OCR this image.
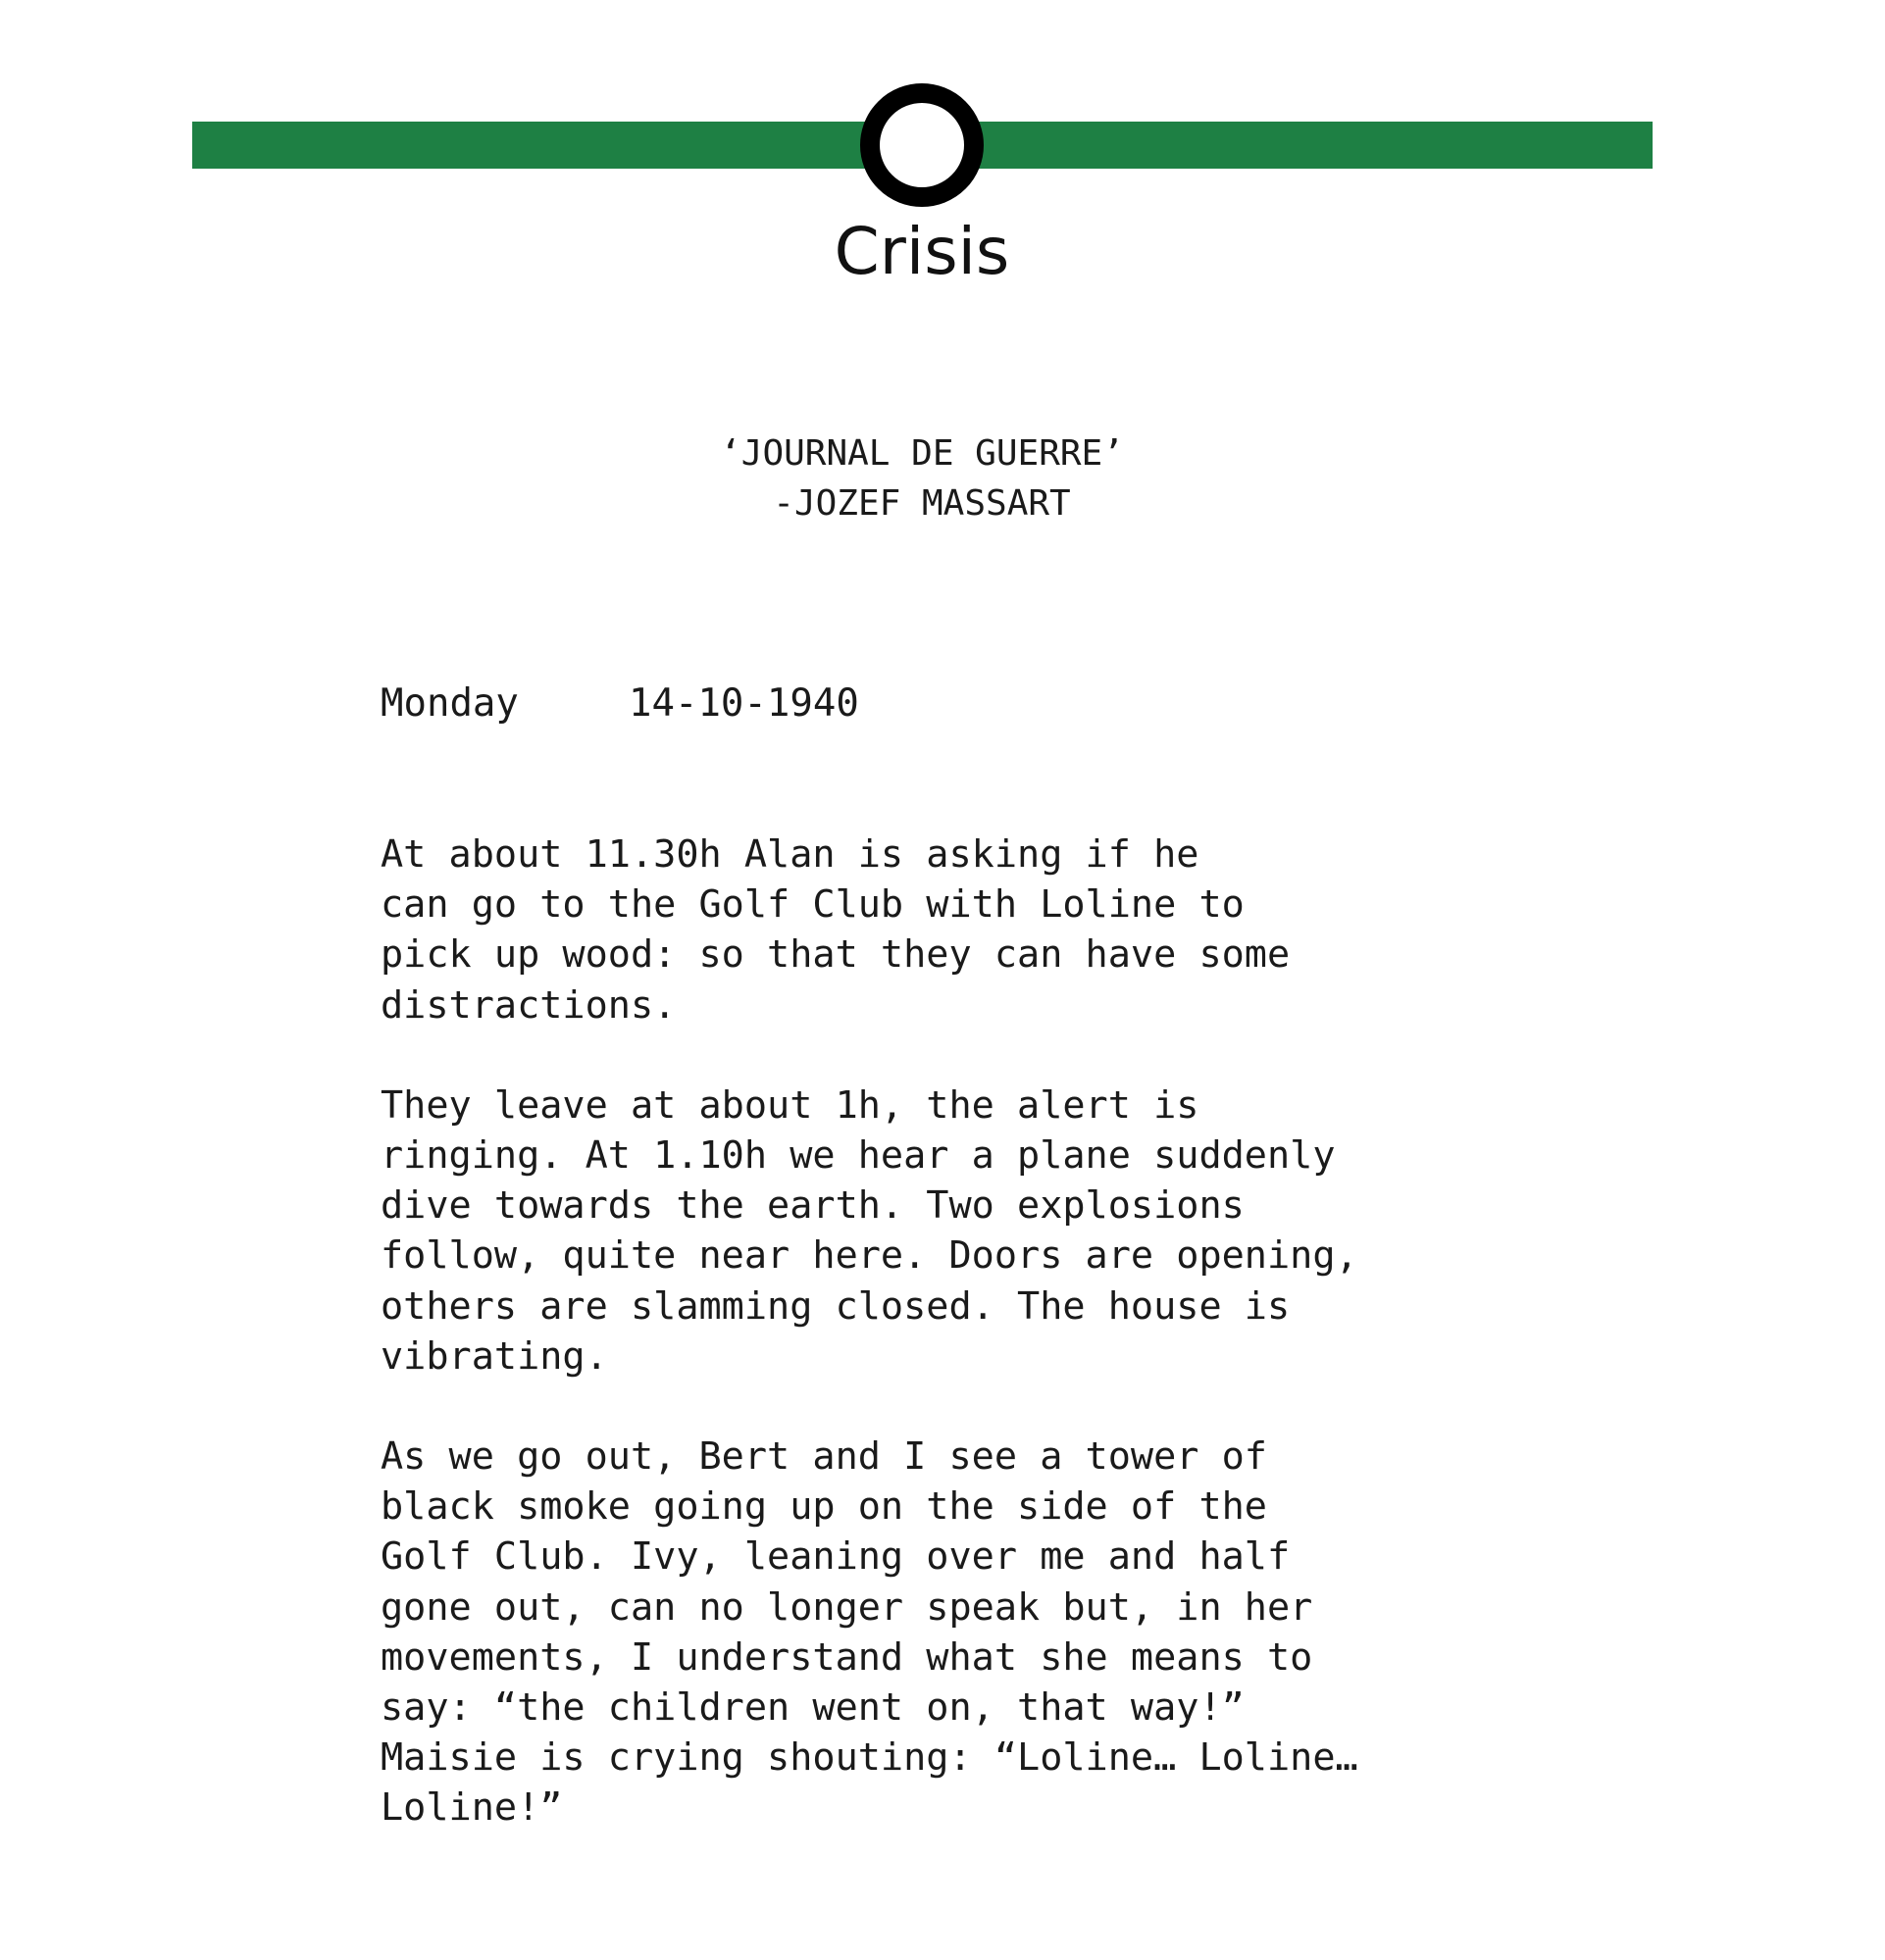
Crisis
‘JOURNAL DE GUERRE’
-JOZEF MASSART
Monday	14-10-1940

At about 11.30h Alan is asking if he
can go to the Golf Club with Loline to
pick up wood: so that they can have some
distractions.

They leave at about 1h, the alert is
ringing. At 1.10h we hear a plane suddenly
dive towards the earth. Two explosions
follow, quite near here. Doors are opening,
others are slamming closed. The house is
vibrating.

As we go out, Bert and I see a tower of
black smoke going up on the side of the
Golf Club. Ivy, leaning over me and half
gone out, can no longer speak but, in her
movements, I understand what she means to
say: “the children went on, that way!”
Maisie is crying shouting: “Loline… Loline…
Loline!”
